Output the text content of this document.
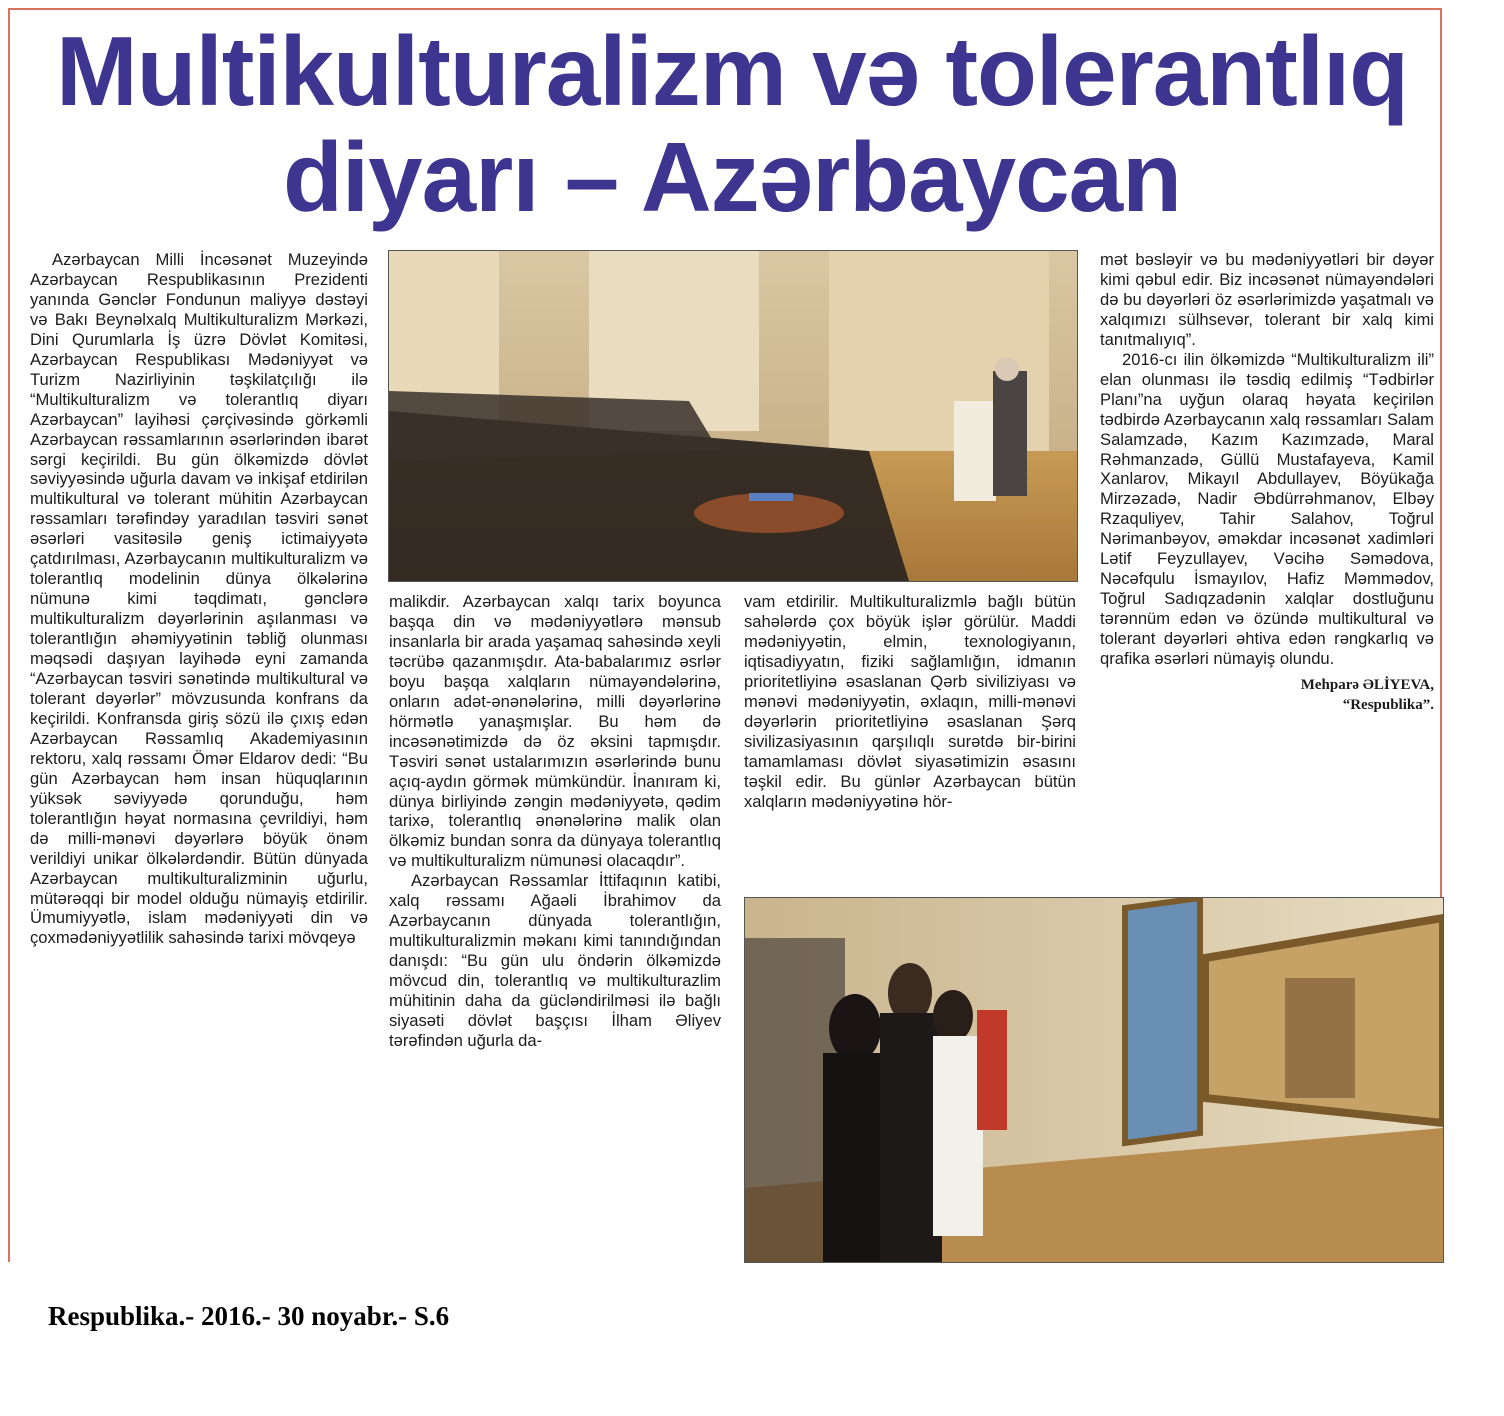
Multikulturalizm və tolerantlıq
diyarı – Azərbaycan

Azərbaycan Milli İncəsənət Muzeyində Azərbaycan Respublikasının Prezidenti yanında Gənclər Fondunun maliyyə dəstəyi və Bakı Beynəlxalq Multikulturalizm Mərkəzi, Dini Qurumlarla İş üzrə Dövlət Komitəsi, Azərbaycan Respublikası Mədəniyyət və Turizm Nazirliyinin təşkilatçılığı ilə “Multikulturalizm və tolerantlıq diyarı Azərbaycan” layihəsi çərçivəsində görkəmli Azərbaycan rəssamlarının əsərlərindən ibarət sərgi keçirildi. Bu gün ölkəmizdə dövlət səviyyəsində uğurla davam və inkişaf etdirilən multikultural və tolerant mühitin Azərbaycan rəssamları tərəfindəy yaradılan təsviri sənət əsərləri vasitəsilə geniş ictimaiyyətə çatdırılması, Azərbaycanın multikulturalizm və tolerantlıq modelinin dünya ölkələrinə nümunə kimi təqdimatı, gənclərə multikulturalizm dəyərlərinin aşılanması və tolerantlığın əhəmiyyətinin təbliğ olunması məqsədi daşıyan layihədə eyni zamanda “Azərbaycan təsviri sənətində multikultural və tolerant dəyərlər” mövzusunda konfrans da keçirildi. Konfransda giriş sözü ilə çıxış edən Azərbaycan Rəssamlıq Akademiyasının rektoru, xalq rəssamı Ömər Eldarov dedi: “Bu gün Azərbaycan həm insan hüquqlarının yüksək səviyyədə qorunduğu, həm tolerantlığın həyat normasına çevrildiyi, həm də milli-mənəvi dəyərlərə böyük önəm verildiyi unikar ölkələrdəndir. Bütün dünyada Azərbaycan multikulturalizminin uğurlu, mütərəqqi bir model olduğu nümayiş etdirilir. Ümumiyyətlə, islam mədəniyyəti din və çoxmədəniyyətlilik sahəsində tarixi mövqeyə

malikdir. Azərbaycan xalqı tarix boyunca başqa din və mədəniyyətlərə mənsub insanlarla bir arada yaşamaq sahəsində xeyli təcrübə qazanmışdır. Ata-babalarımız əsrlər boyu başqa xalqların nümayəndələrinə, onların adət-ənənələrinə, milli dəyərlərinə hörmətlə yanaşmışlar. Bu həm də incəsənətimizdə də öz əksini tapmışdır. Təsviri sənət ustalarımızın əsərlərində bunu açıq-aydın görmək mümkündür. İnanıram ki, dünya birliyində zəngin mədəniyyətə, qədim tarixə, tolerantlıq ənənələrinə malik olan ölkəmiz bundan sonra da dünyaya tolerantlıq və multikulturalizm nümunəsi olacaqdır”.

Azərbaycan Rəssamlar İttifaqının katibi, xalq rəssamı Ağaəli İbrahimov da Azərbaycanın dünyada tolerantlığın, multikulturalizmin məkanı kimi tanındığından danışdı: “Bu gün ulu öndərin ölkəmizdə mövcud din, tolerantlıq və multikulturazlim mühitinin daha da gücləndirilməsi ilə bağlı siyasəti dövlət başçısı İlham Əliyev tərəfindən uğurla da-

vam etdirilir. Multikulturalizmlə bağlı bütün sahələrdə çox böyük işlər görülür. Maddi mədəniyyətin, elmin, texnologiyanın, iqtisadiyyatın, fiziki sağlamlığın, idmanın prioritetliyinə əsaslanan Qərb siviliziyası və mənəvi mədəniyyətin, əxlaqın, milli-mənəvi dəyərlərin prioritetliyinə əsaslanan Şərq sivilizasiyasının qarşılıqlı surətdə bir-birini tamamlaması dövlət siyasətimizin əsasını təşkil edir. Bu günlər Azərbaycan bütün xalqların mədəniyyətinə hör-

mət bəsləyir və bu mədəniyyətləri bir dəyər kimi qəbul edir. Biz incəsənət nümayəndələri də bu dəyərləri öz əsərlərimizdə yaşatmalı və xalqımızı sülhsevər, tolerant bir xalq kimi tanıtmalıyıq”.

2016-cı ilin ölkəmizdə “Multikulturalizm ili” elan olunması ilə təsdiq edilmiş “Tədbirlər Planı”na uyğun olaraq həyata keçirilən tədbirdə Azərbaycanın xalq rəssamları Salam Salamzadə, Kazım Kazımzadə, Maral Rəhmanzadə, Güllü Mustafayeva, Kamil Xanlarov, Mikayıl Abdullayev, Böyükağa Mirzəzadə, Nadir Əbdürrəhmanov, Elbəy Rzaquliyev, Tahir Salahov, Toğrul Nərimanbəyov, əməkdar incəsənət xadimləri Lətif Feyzullayev, Vəcihə Səmədova, Nəcəfqulu İsmayılov, Hafiz Məmmədov, Toğrul Sadıqzadənin xalqlar dostluğunu tərənnüm edən və özündə multikultural və tolerant dəyərləri əhtiva edən rəngkarlıq və qrafika əsərləri nümayiş olundu.

Mehparə ƏLİYEVA,
“Respublika”.
Respublika.- 2016.- 30 noyabr.- S.6
